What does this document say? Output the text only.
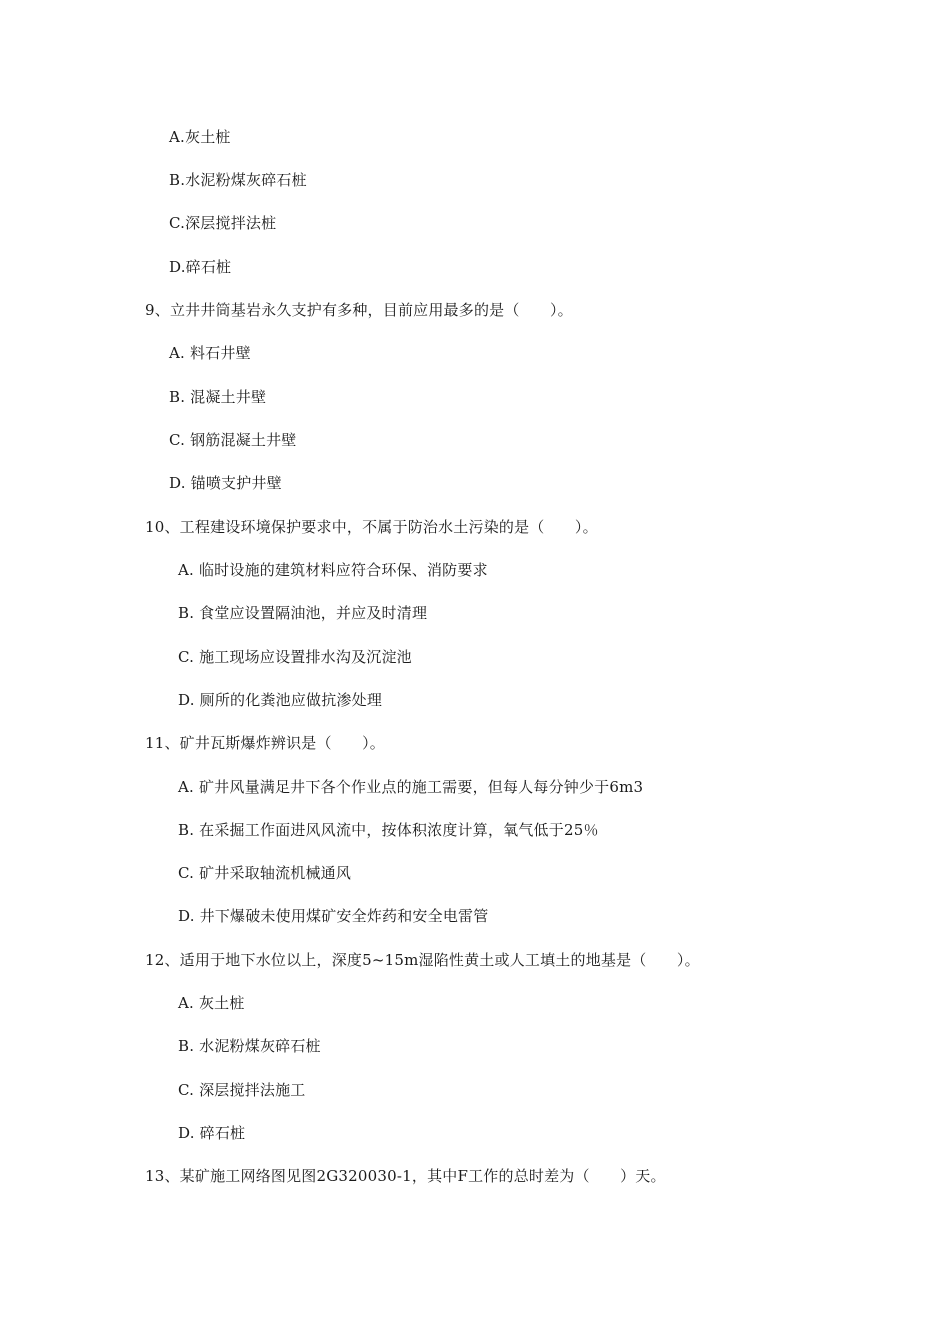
A.灰土桩
B.水泥粉煤灰碎石桩
C.深层搅拌法桩
D.碎石桩
9、立井井筒基岩永久支护有多种，目前应用最多的是（　　）。
A. 料石井壁
B. 混凝土井壁
C. 钢筋混凝土井壁
D. 锚喷支护井壁
10、工程建设环境保护要求中，不属于防治水土污染的是（　　）。
A. 临时设施的建筑材料应符合环保、消防要求
B. 食堂应设置隔油池，并应及时清理
C. 施工现场应设置排水沟及沉淀池
D. 厕所的化粪池应做抗渗处理
11、矿井瓦斯爆炸辨识是（　　）。
A. 矿井风量满足井下各个作业点的施工需要，但每人每分钟少于6m3
B. 在采掘工作面进风风流中，按体积浓度计算，氧气低于25％
C. 矿井采取轴流机械通风
D. 井下爆破未使用煤矿安全炸药和安全电雷管
12、适用于地下水位以上，深度5~15m湿陷性黄土或人工填土的地基是（　　）。
A. 灰土桩
B. 水泥粉煤灰碎石桩
C. 深层搅拌法施工
D. 碎石桩
13、某矿施工网络图见图2G320030-1，其中F工作的总时差为（　　）天。
